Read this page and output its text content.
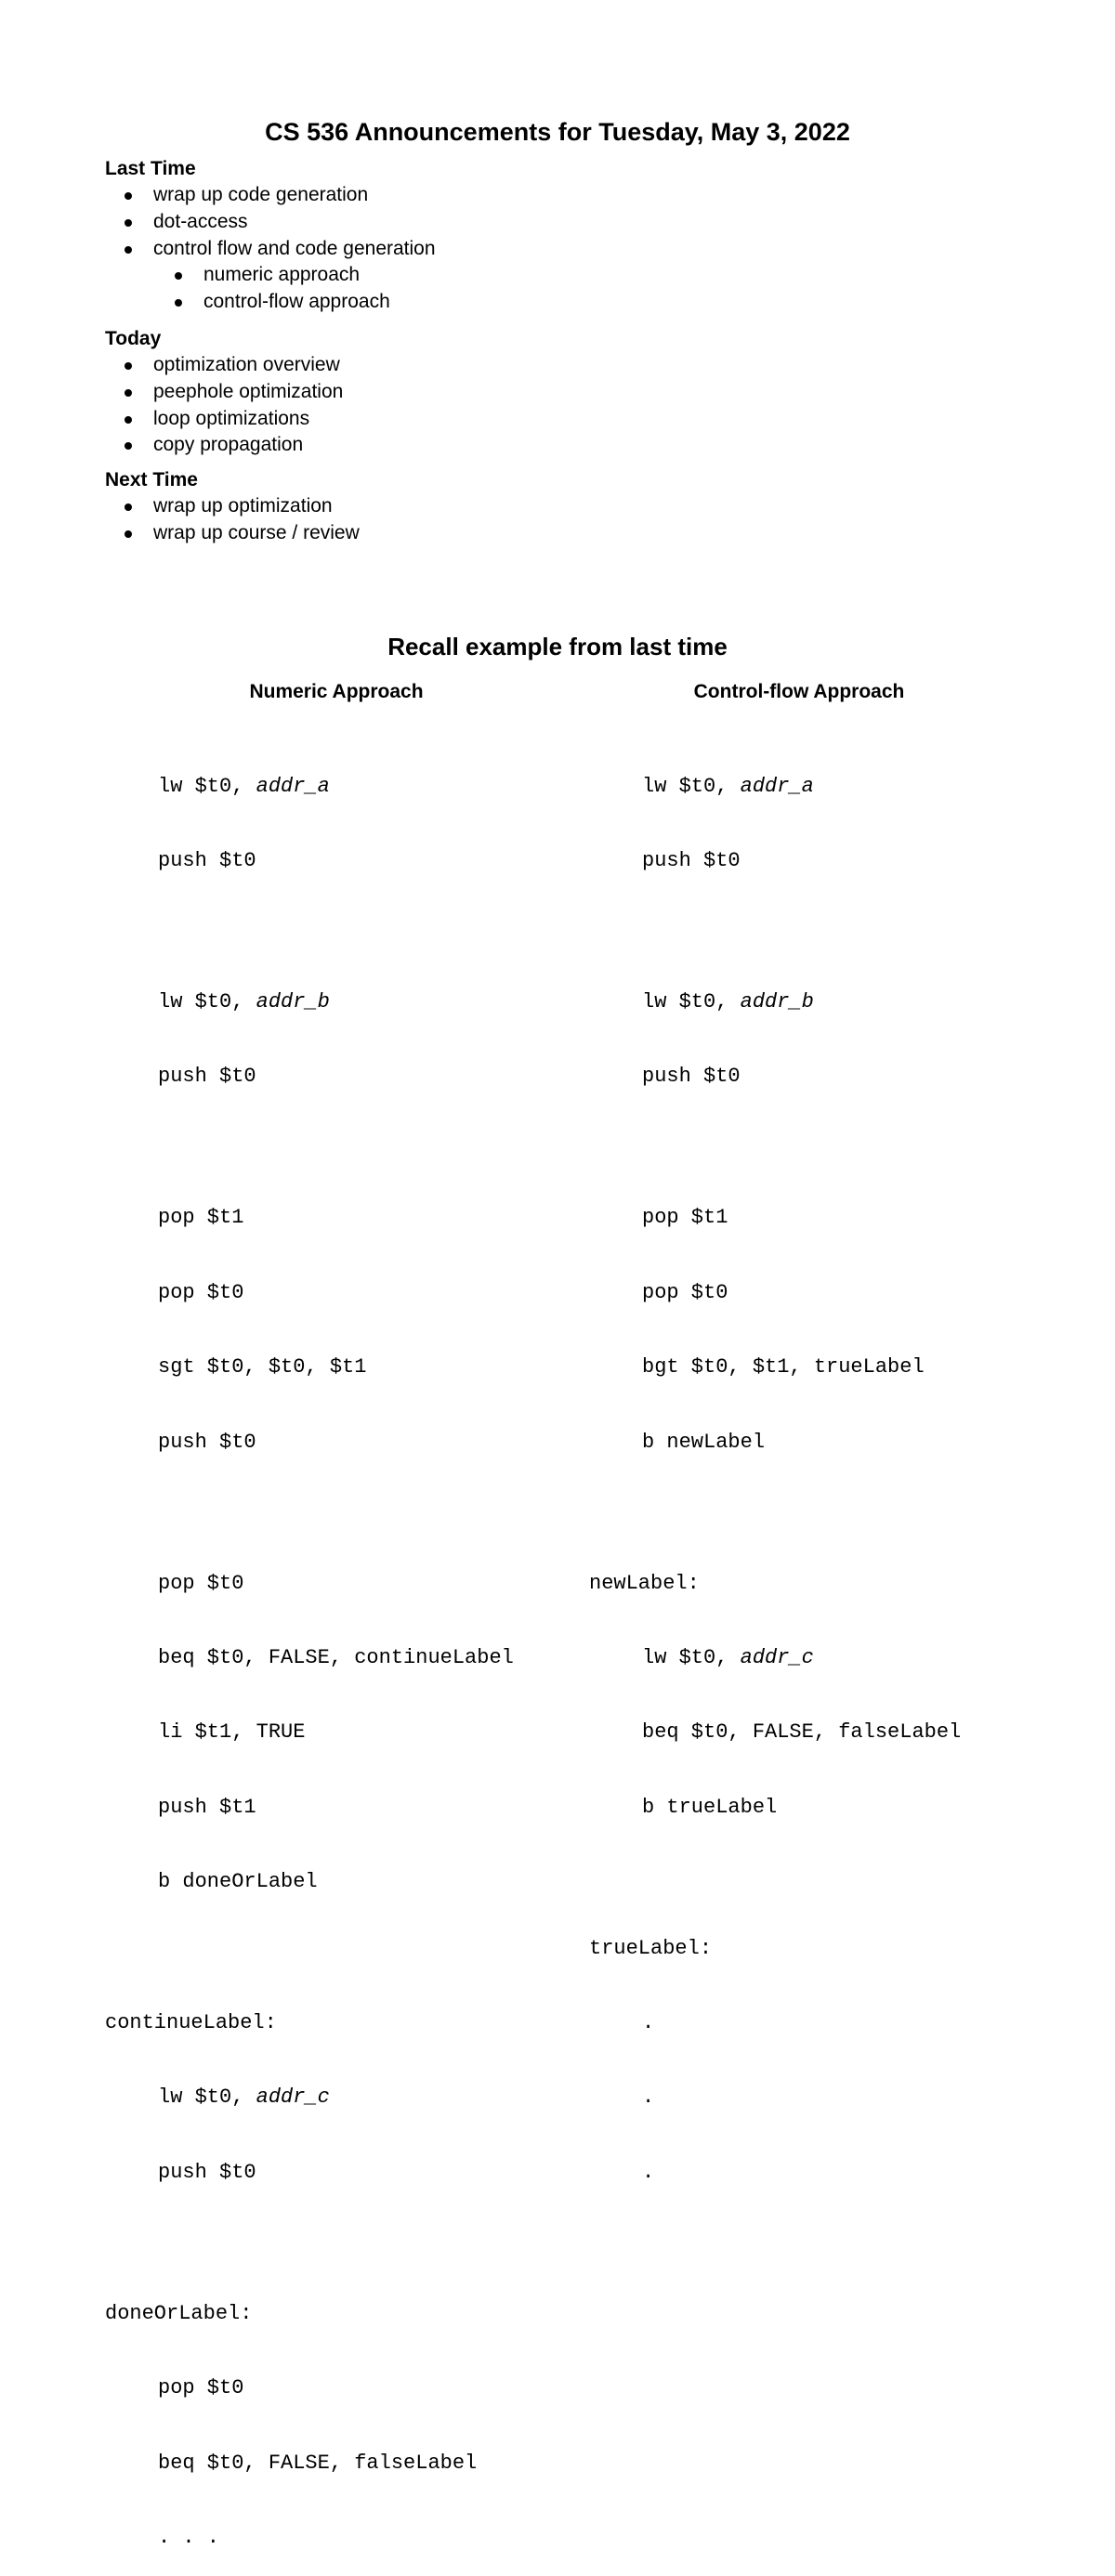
CS 536 Announcements for Tuesday, May 3, 2022
Last Time
wrap up code generation
dot-access
control flow and code generation
numeric approach
control-flow approach
Today
optimization overview
peephole optimization
loop optimizations
copy propagation
Next Time
wrap up optimization
wrap up course / review
Recall example from last time
Numeric Approach	Control-flow Approach

lw $t0, addr_a

push $t0

lw $t0, addr_b

push $t0

pop $t1

pop $t0

sgt $t0, $t0, $t1

push $t0

pop $t0

beq $t0, FALSE, continueLabel

li $t1, TRUE

push $t1

b doneOrLabel

continueLabel:

lw $t0, addr_c

push $t0

doneOrLabel:

pop $t0

beq $t0, FALSE, falseLabel

. . .

lw $t0, addr_a

push $t0

lw $t0, addr_b

push $t0

pop $t1

pop $t0

bgt $t0, $t1, trueLabel

b newLabel

newLabel:

lw $t0, addr_c

beq $t0, FALSE, falseLabel

b trueLabel

trueLabel:

.

.

.
